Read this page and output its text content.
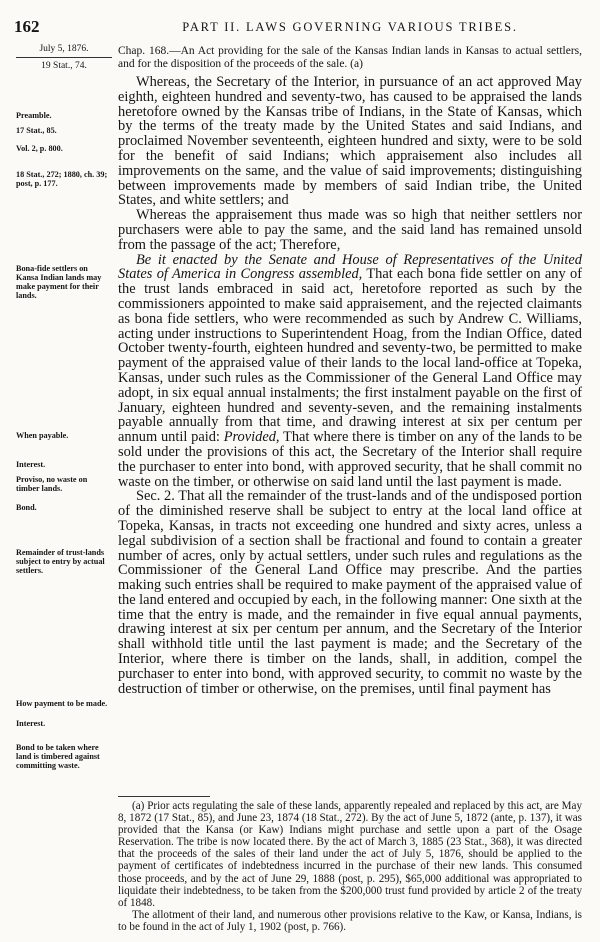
162	PART II. LAWS GOVERNING VARIOUS TRIBES.
July 5, 1876.
19 Stat., 74.
Chap. 168.—An Act providing for the sale of the Kansas Indian lands in Kansas to actual settlers, and for the disposition of the proceeds of the sale. (a)
Preamble.
17 Stat., 85.
Vol. 2, p. 800.
18 Stat., 272; 1880, ch. 39; post, p. 177.
Bona-fide settlers on Kansa Indian lands may make payment for their lands.
When payable.
Interest.
Proviso, no waste on timber lands.
Bond.
Remainder of trust-lands subject to entry by actual settlers.
How payment to be made.
Interest.
Bond to be taken where land is timbered against committing waste.

Whereas, the Secretary of the Interior, in pursuance of an act approved May eighth, eighteen hundred and seventy-two, has caused to be appraised the lands heretofore owned by the Kansas tribe of Indians, in the State of Kansas, which by the terms of the treaty made by the United States and said Indians, and proclaimed November seventeenth, eighteen hundred and sixty, were to be sold for the benefit of said Indians; which appraisement also includes all improvements on the same, and the value of said improvements; distinguishing between improvements made by members of said Indian tribe, the United States, and white settlers; and

Whereas the appraisement thus made was so high that neither settlers nor purchasers were able to pay the same, and the said land has remained unsold from the passage of the act; Therefore,

Be it enacted by the Senate and House of Representatives of the United States of America in Congress assembled, That each bona fide settler on any of the trust lands embraced in said act, heretofore reported as such by the commissioners appointed to make said appraisement, and the rejected claimants as bona fide settlers, who were recommended as such by Andrew C. Williams, acting under instructions to Superintendent Hoag, from the Indian Office, dated October twenty-fourth, eighteen hundred and seventy-two, be permitted to make payment of the appraised value of their lands to the local land-office at Topeka, Kansas, under such rules as the Commissioner of the General Land Office may adopt, in six equal annual instalments; the first instalment payable on the first of January, eighteen hundred and seventy-seven, and the remaining instalments payable annually from that time, and drawing interest at six per centum per annum until paid: Provided, That where there is timber on any of the lands to be sold under the provisions of this act, the Secretary of the Interior shall require the purchaser to enter into bond, with approved security, that he shall commit no waste on the timber, or otherwise on said land until the last payment is made.

Sec. 2. That all the remainder of the trust-lands and of the undisposed portion of the diminished reserve shall be subject to entry at the local land office at Topeka, Kansas, in tracts not exceeding one hundred and sixty acres, unless a legal subdivision of a section shall be fractional and found to contain a greater number of acres, only by actual settlers, under such rules and regulations as the Commissioner of the General Land Office may prescribe. And the parties making such entries shall be required to make payment of the appraised value of the land entered and occupied by each, in the following manner: One sixth at the time that the entry is made, and the remainder in five equal annual payments, drawing interest at six per centum per annum, and the Secretary of the Interior shall withhold title until the last payment is made; and the Secretary of the Interior, where there is timber on the lands, shall, in addition, compel the purchaser to enter into bond, with approved security, to commit no waste by the destruction of timber or otherwise, on the premises, until final payment has

(a) Prior acts regulating the sale of these lands, apparently repealed and replaced by this act, are May 8, 1872 (17 Stat., 85), and June 23, 1874 (18 Stat., 272). By the act of June 5, 1872 (ante, p. 137), it was provided that the Kansa (or Kaw) Indians might purchase and settle upon a part of the Osage Reservation. The tribe is now located there. By the act of March 3, 1885 (23 Stat., 368), it was directed that the proceeds of the sales of their land under the act of July 5, 1876, should be applied to the payment of certificates of indebtedness incurred in the purchase of their new lands. This consumed those proceeds, and by the act of June 29, 1888 (post, p. 295), $65,000 additional was appropriated to liquidate their indebtedness, to be taken from the $200,000 trust fund provided by article 2 of the treaty of 1848.

The allotment of their land, and numerous other provisions relative to the Kaw, or Kansa, Indians, is to be found in the act of July 1, 1902 (post, p. 766).
